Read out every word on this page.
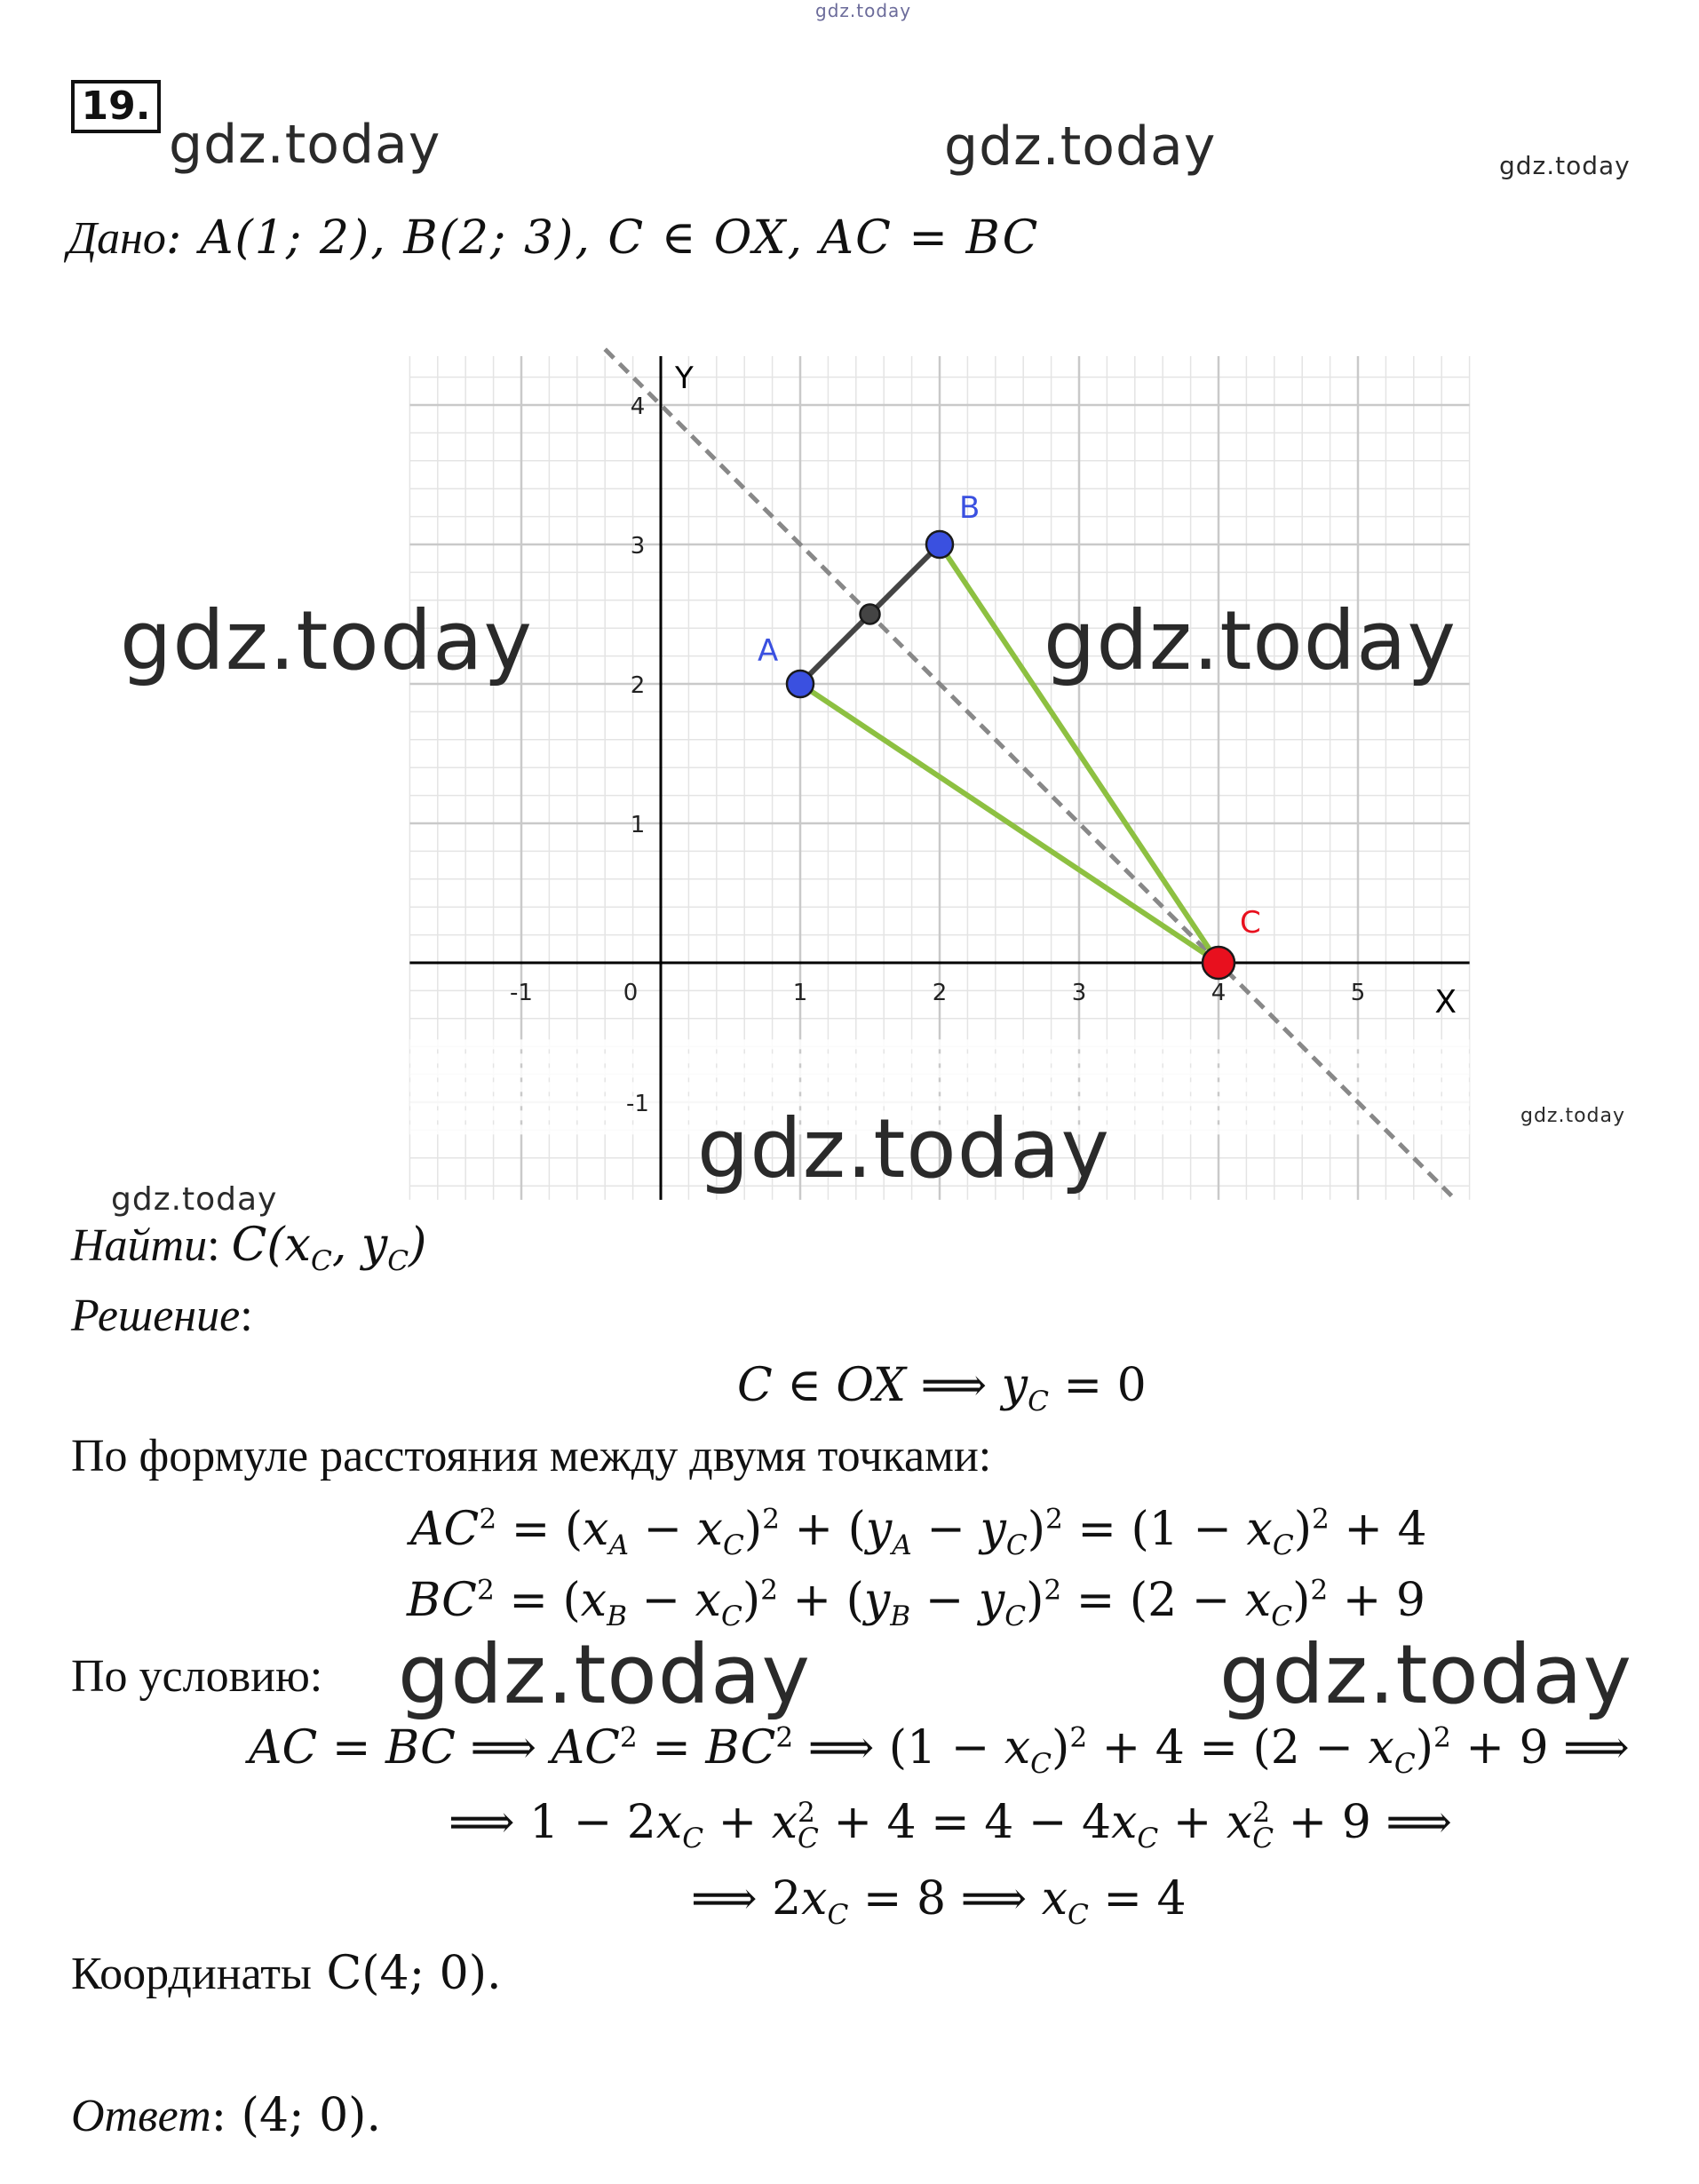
gdz.today
19.
gdz.today	gdz.today	gdz.today
Дано: A(1; 2), B(2; 3), C ∈ OX, AC = BC
X
Y
-1	0	1	2	3	4	5
-1
1
2
3
4
A
B
C
gdz.today	gdz.today
gdz.today
gdz.today
gdz.today
Найти: $C(x_C$, $y_C$)
Решение:
C ∈ OX ⟹ $y_C = 0$
По формуле расстояния между двумя точками:
$AC^2 = (x_A - x_C)^2 + (y_A - y_C)^2 = (1 - x_C)^2 + 4$
$BC^2 = (x_B - x_C)^2 + (y_B - y_C)^2 = (2 - x_C)^2 + 9$
По условию: gdz.today	gdz.today
AC = BC ⟹ $AC^2 = BC^2$ ⟹ $(1 - x_C)^2 + 4 = (2 - x_C)^2 + 9$ ⟹
⟹ $1 - 2x_C + x$ 2
$C + 4 = 4 - 4x_C + x$ 2
C + 9 ⟹
⟹ $2x_C = 8$ ⟹ $x_C = 4$
Координаты C(4; 0).
Ответ: (4; 0).
